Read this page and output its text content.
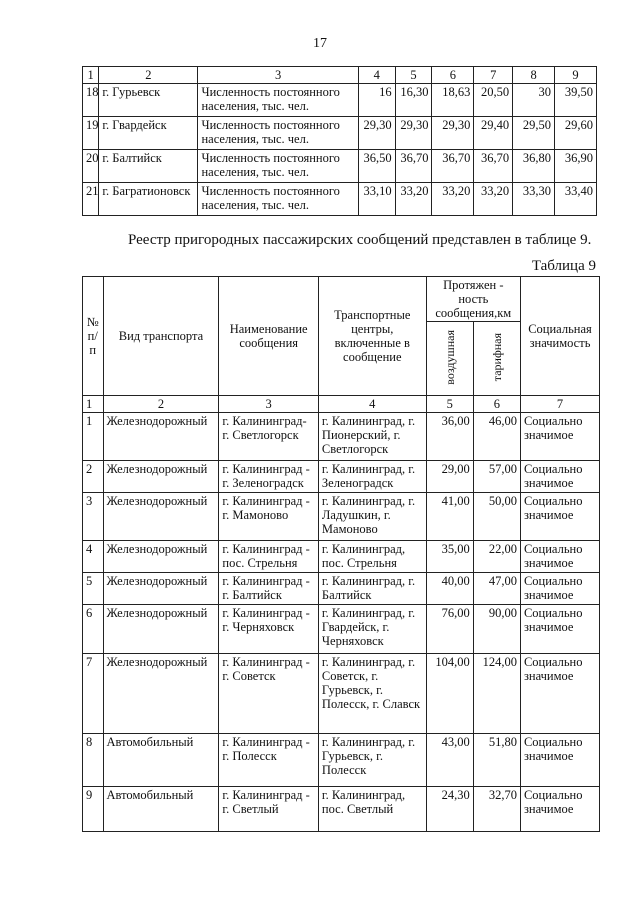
17
1	2	3	4	5	6	7	8	9
18	г. Гурьевск	Численность постоянного населения, тыс. чел.	16	16,30	18,63	20,50	30	39,50
19	г. Гвардейск	Численность постоянного населения, тыс. чел.	29,30	29,30	29,30	29,40	29,50	29,60
20	г. Балтийск	Численность постоянного населения, тыс. чел.	36,50	36,70	36,70	36,70	36,80	36,90
21	г. Багратионовск	Численность постоянного населения, тыс. чел.	33,10	33,20	33,20	33,20	33,30	33,40
Реестр пригородных пассажирских сообщений представлен в таблице 9.
Таблица 9
№ п/п	Вид транспорта	Наименование сообщения	Транспортные центры, включенные в сообщение	Протяжен - ность сообщения,км		Социальная значимость
				воздушная	тарифная	
1	2	3	4	5	6	7
1	Железнодорожный	г. Калининград- г. Светлогорск	г. Калининград, г. Пионерский, г. Светлогорск	36,00	46,00	Социально значимое
2	Железнодорожный	г. Калининград - г. Зеленоградск	г. Калининград, г. Зеленоградск	29,00	57,00	Социально значимое
3	Железнодорожный	г. Калининград - г. Мамоново	г. Калининград, г. Ладушкин, г. Мамоново	41,00	50,00	Социально значимое
4	Железнодорожный	г. Калининград - пос. Стрельня	г. Калининград, пос. Стрельня	35,00	22,00	Социально значимое
5	Железнодорожный	г. Калининград - г. Балтийск	г. Калининград, г. Балтийск	40,00	47,00	Социально значимое
6	Железнодорожный	г. Калининград - г. Черняховск	г. Калининград, г. Гвардейск, г. Черняховск	76,00	90,00	Социально значимое
7	Железнодорожный	г. Калининград - г. Советск	г. Калининград, г. Советск, г. Гурьевск, г. Полесск, г. Славск	104,00	124,00	Социально значимое
8	Автомобильный	г. Калининград - г. Полесск	г. Калининград, г. Гурьевск, г. Полесск	43,00	51,80	Социально значимое
9	Автомобильный	г. Калининград - г. Светлый	г. Калининград, пос. Светлый	24,30	32,70	Социально значимое
